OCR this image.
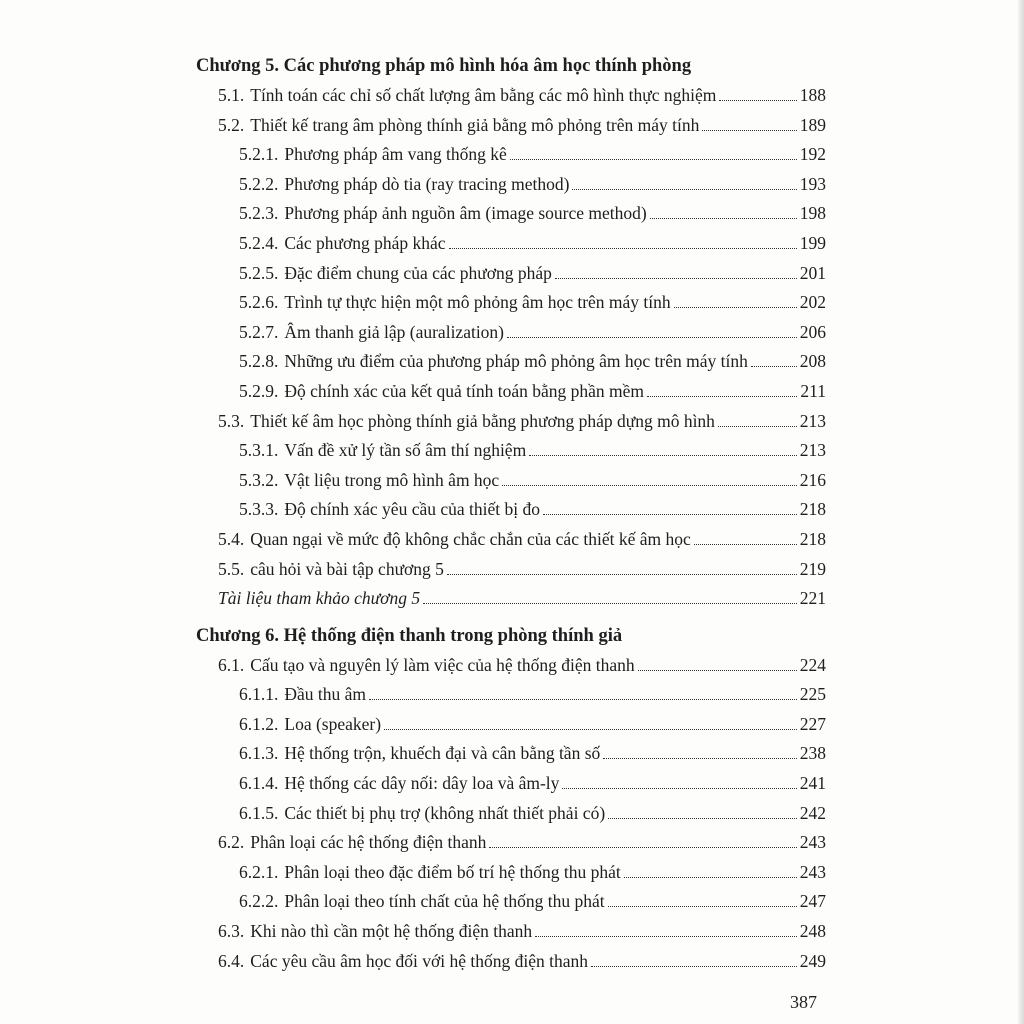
Chương 5. Các phương pháp mô hình hóa âm học thính phòng
5.1. Tính toán các chỉ số chất lượng âm bằng các mô hình thực nghiệm	188
5.2. Thiết kế trang âm phòng thính giả bằng mô phỏng trên máy tính	189
5.2.1. Phương pháp âm vang thống kê	192
5.2.2. Phương pháp dò tia (ray tracing method)	193
5.2.3. Phương pháp ảnh nguồn âm (image source method)	198
5.2.4. Các phương pháp khác	199
5.2.5. Đặc điểm chung của các phương pháp	201
5.2.6. Trình tự thực hiện một mô phỏng âm học trên máy tính	202
5.2.7. Âm thanh giả lập (auralization)	206
5.2.8. Những ưu điểm của phương pháp mô phỏng âm học trên máy tính	208
5.2.9. Độ chính xác của kết quả tính toán bằng phần mềm	211
5.3. Thiết kế âm học phòng thính giả bằng phương pháp dựng mô hình	213
5.3.1. Vấn đề xử lý tần số âm thí nghiệm	213
5.3.2. Vật liệu trong mô hình âm học	216
5.3.3. Độ chính xác yêu cầu của thiết bị đo	218
5.4. Quan ngại về mức độ không chắc chắn của các thiết kế âm học	218
5.5. câu hỏi và bài tập chương 5	219
Tài liệu tham khảo chương 5	221
Chương 6. Hệ thống điện thanh trong phòng thính giả
6.1. Cấu tạo và nguyên lý làm việc của hệ thống điện thanh	224
6.1.1. Đầu thu âm	225
6.1.2. Loa (speaker)	227
6.1.3. Hệ thống trộn, khuếch đại và cân bằng tần số	238
6.1.4. Hệ thống các dây nối: dây loa và âm-ly	241
6.1.5. Các thiết bị phụ trợ (không nhất thiết phải có)	242
6.2. Phân loại các hệ thống điện thanh	243
6.2.1. Phân loại theo đặc điểm bố trí hệ thống thu phát	243
6.2.2. Phân loại theo tính chất của hệ thống thu phát	247
6.3. Khi nào thì cần một hệ thống điện thanh	248
6.4. Các yêu cầu âm học đối với hệ thống điện thanh	249
387
